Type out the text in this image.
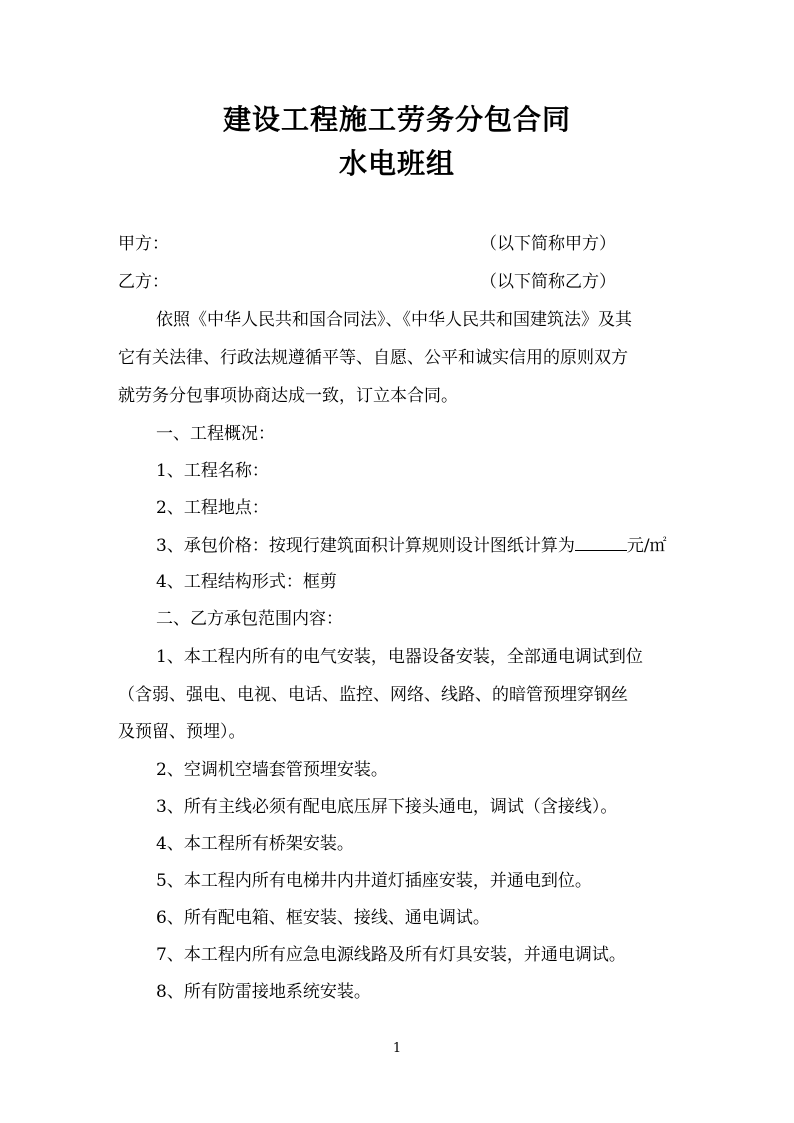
建设工程施工劳务分包合同
水电班组
甲方：	（以下简称甲方）
乙方：	（以下简称乙方）
依照《中华人民共和国合同法》、《中华人民共和国建筑法》及其
它有关法律、行政法规遵循平等、自愿、公平和诚实信用的原则双方
就劳务分包事项协商达成一致，订立本合同。
一、工程概况：
1、工程名称：
2、工程地点：
3、承包价格：按现行建筑面积计算规则设计图纸计算为	元/㎡
4、工程结构形式：框剪
二、乙方承包范围内容：
1、本工程内所有的电气安装，电器设备安装，全部通电调试到位
（含弱、强电、电视、电话、监控、网络、线路、的暗管预埋穿钢丝
及预留、预埋）。
2、空调机空墙套管预埋安装。
3、所有主线必须有配电底压屏下接头通电，调试（含接线）。
4、本工程所有桥架安装。
5、本工程内所有电梯井内井道灯插座安装，并通电到位。
6、所有配电箱、框安装、接线、通电调试。
7、本工程内所有应急电源线路及所有灯具安装，并通电调试。
8、所有防雷接地系统安装。
1
